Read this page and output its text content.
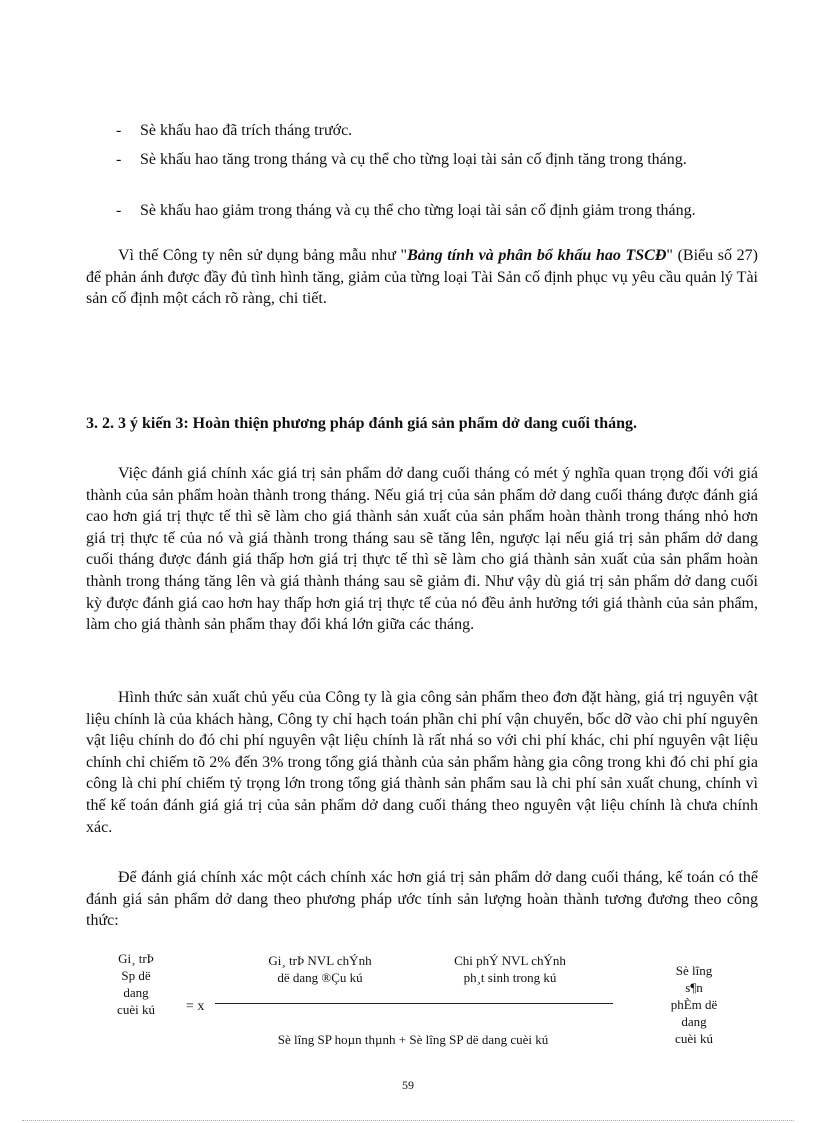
- Sè khấu hao đã trích tháng trước.
- Sè khấu hao tăng trong tháng và cụ thể cho từng loại tài sản cố định tăng trong tháng.
- Sè khấu hao giảm trong tháng và cụ thể cho từng loại tài sản cố định giảm trong tháng.
Vì thế Công ty nên sử dụng bảng mẫu như "Bảng tính và phân bổ khấu hao TSCĐ" (Biểu số 27) để phản ánh được đầy đủ tình hình tăng, giảm của từng loại Tài Sản cố định phục vụ yêu cầu quản lý Tài sản cố định một cách rõ ràng, chi tiết.
3. 2. 3 ý kiến 3: Hoàn thiện phương pháp đánh giá sản phẩm dở dang cuối tháng.
Việc đánh giá chính xác giá trị sản phẩm dở dang cuối tháng có mét ý nghĩa quan trọng đối với giá thành của sản phẩm hoàn thành trong tháng. Nếu giá trị của sản phẩm dở dang cuối tháng được đánh giá cao hơn giá trị thực tế thì sẽ làm cho giá thành sản xuất của sản phẩm hoàn thành trong tháng nhỏ hơn giá trị thực tế của nó và giá thành trong tháng sau sẽ tăng lên, ngược lại nếu giá trị sản phẩm dở dang cuối tháng được đánh giá thấp hơn giá trị thực tế thì sẽ làm cho giá thành sản xuất của sản phẩm hoàn thành trong tháng tăng lên và giá thành tháng sau sẽ giảm đi. Như vậy dù giá trị sản phẩm dở dang cuối kỳ được đánh giá cao hơn hay thấp hơn giá trị thực tế của nó đều ảnh hưởng tới giá thành của sản phẩm, làm cho giá thành sản phẩm thay đổi khá lớn giữa các tháng.
Hình thức sản xuất chủ yếu của Công ty là gia công sản phẩm theo đơn đặt hàng, giá trị nguyên vật liệu chính là của khách hàng, Công ty chỉ hạch toán phần chi phí vận chuyển, bốc dỡ vào chi phí nguyên vật liệu chính do đó chi phí nguyên vật liệu chính là rất nhá so với chi phí khác, chi phí nguyên vật liệu chính chỉ chiếm tõ 2% đến 3% trong tổng giá thành của sản phẩm hàng gia công trong khi đó chi phí gia công là chi phí chiếm tỷ trọng lớn trong tổng giá thành sản phẩm sau là chi phí sản xuất chung, chính vì thế kế toán đánh giá giá trị của sản phẩm dở dang cuối tháng theo nguyên vật liệu chính là chưa chính xác.
Để đánh giá chính xác một cách chính xác hơn giá trị sản phẩm dở dang cuối tháng, kế toán có thể đánh giá sản phẩm dở dang theo phương pháp ước tính sản lượng hoàn thành tương đương theo công thức:
Gi¸ trÞ
Sp dë
dang
cuèi kú	= x
Gi¸ trÞ NVL chÝnh
dë dang ®Çu kú
Chi phÝ NVL chÝnh
ph¸t sinh trong kú
Sè lîng SP hoµn thµnh + Sè lîng SP dë dang cuèi kú
Sè lîng
s¶n
phÈm dë
dang
cuèi kú
59
